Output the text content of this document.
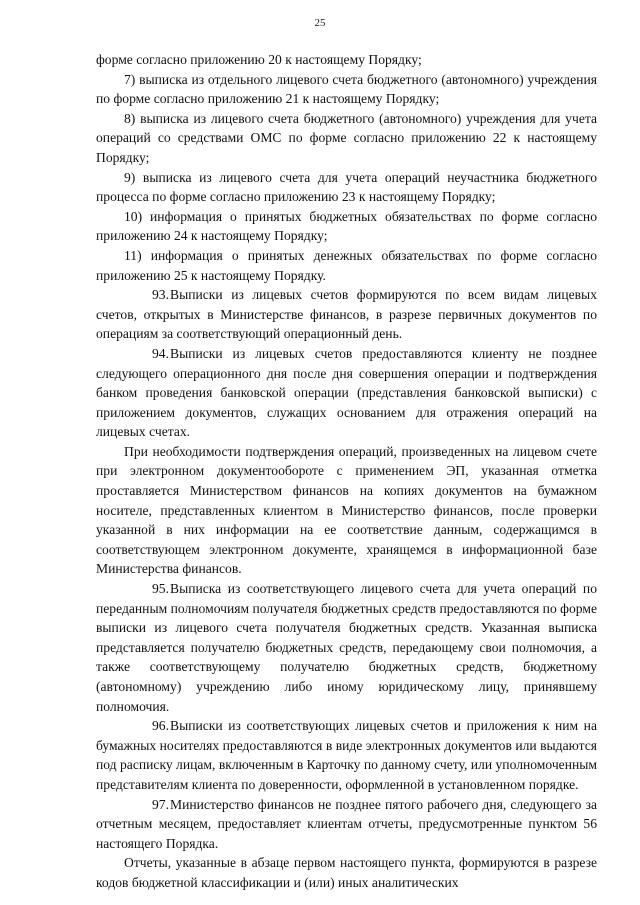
25

форме согласно приложению 20 к настоящему Порядку;

7) выписка из отдельного лицевого счета бюджетного (автономного) учреждения по форме согласно приложению 21 к настоящему Порядку;

8) выписка из лицевого счета бюджетного (автономного) учреждения для учета операций со средствами ОМС по форме согласно приложению 22 к настоящему Порядку;

9) выписка из лицевого счета для учета операций неучастника бюджетного процесса по форме согласно приложению 23 к настоящему Порядку;

10) информация о принятых бюджетных обязательствах по форме согласно приложению 24 к настоящему Порядку;

11) информация о принятых денежных обязательствах по форме согласно приложению 25 к настоящему Порядку.

93.Выписки из лицевых счетов формируются по всем видам лицевых счетов, открытых в Министерстве финансов, в разрезе первичных документов по операциям за соответствующий операционный день.

94.Выписки из лицевых счетов предоставляются клиенту не позднее следующего операционного дня после дня совершения операции и подтверждения банком проведения банковской операции (представления банковской выписки) с приложением документов, служащих основанием для отражения операций на лицевых счетах.

При необходимости подтверждения операций, произведенных на лицевом счете при электронном документообороте с применением ЭП, указанная отметка проставляется Министерством финансов на копиях документов на бумажном носителе, представленных клиентом в Министерство финансов, после проверки указанной в них информации на ее соответствие данным, содержащимся в соответствующем электронном документе, хранящемся в информационной базе Министерства финансов.

95.Выписка из соответствующего лицевого счета для учета операций по переданным полномочиям получателя бюджетных средств предоставляются по форме выписки из лицевого счета получателя бюджетных средств. Указанная выписка представляется получателю бюджетных средств, передающему свои полномочия, а также соответствующему получателю бюджетных средств, бюджетному (автономному) учреждению либо иному юридическому лицу, принявшему полномочия.

96.Выписки из соответствующих лицевых счетов и приложения к ним на бумажных носителях предоставляются в виде электронных документов или выдаются под расписку лицам, включенным в Карточку по данному счету, или уполномоченным представителям клиента по доверенности, оформленной в установленном порядке.

97.Министерство финансов не позднее пятого рабочего дня, следующего за отчетным месяцем, предоставляет клиентам отчеты, предусмотренные пунктом 56 настоящего Порядка.

Отчеты, указанные в абзаце первом настоящего пункта, формируются в разрезе кодов бюджетной классификации и (или) иных аналитических
